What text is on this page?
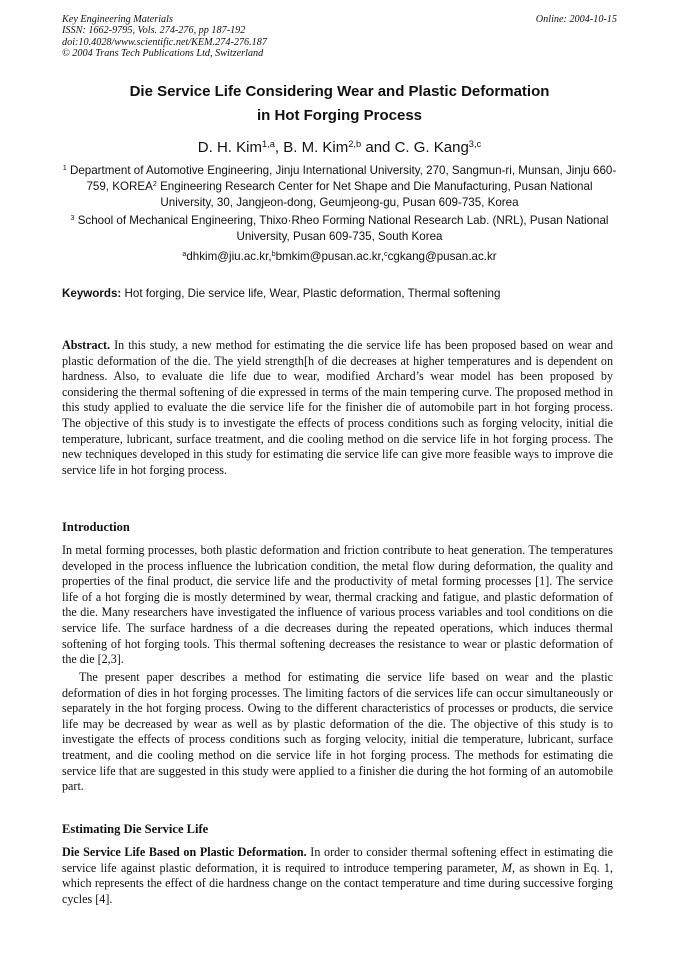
Key Engineering Materials
ISSN: 1662-9795, Vols. 274-276, pp 187-192
doi:10.4028/www.scientific.net/KEM.274-276.187
© 2004 Trans Tech Publications Ltd, Switzerland
Online: 2004-10-15
Die Service Life Considering Wear and Plastic Deformation
in Hot Forging Process
D. H. Kim$^{1,a}$, B. M. Kim$^{2,b}$ and C. G. Kang$^{3,c}$
$^1$ Department of Automotive Engineering, Jinju International University, 270, Sangmun-ri, Munsan, Jinju 660-759, KOREA$^2$ Engineering Research Center for Net Shape and Die Manufacturing, Pusan National University, 30, Jangjeon-dong, Geumjeong-gu, Pusan 609-735, Korea
$^3$ School of Mechanical Engineering, Thixo·Rheo Forming National Research Lab. (NRL), Pusan National University, Pusan 609-735, South Korea
$^a$dhkim@jiu.ac.kr,$^b$bmkim@pusan.ac.kr,$^c$cgkang@pusan.ac.kr
Keywords: Hot forging, Die service life, Wear, Plastic deformation, Thermal softening
Abstract. In this study, a new method for estimating the die service life has been proposed based on wear and plastic deformation of the die. The yield strength[h of die decreases at higher temperatures and is dependent on hardness. Also, to evaluate die life due to wear, modified Archard’s wear model has been proposed by considering the thermal softening of die expressed in terms of the main tempering curve. The proposed method in this study applied to evaluate the die service life for the finisher die of automobile part in hot forging process. The objective of this study is to investigate the effects of process conditions such as forging velocity, initial die temperature, lubricant, surface treatment, and die cooling method on die service life in hot forging process. The new techniques developed in this study for estimating die service life can give more feasible ways to improve die service life in hot forging process.
Introduction
In metal forming processes, both plastic deformation and friction contribute to heat generation. The temperatures developed in the process influence the lubrication condition, the metal flow during deformation, the quality and properties of the final product, die service life and the productivity of metal forming processes [1]. The service life of a hot forging die is mostly determined by wear, thermal cracking and fatigue, and plastic deformation of the die. Many researchers have investigated the influence of various process variables and tool conditions on die service life. The surface hardness of a die decreases during the repeated operations, which induces thermal softening of hot forging tools. This thermal softening decreases the resistance to wear or plastic deformation of the die [2,3].
The present paper describes a method for estimating die service life based on wear and the plastic deformation of dies in hot forging processes. The limiting factors of die services life can occur simultaneously or separately in the hot forging process. Owing to the different characteristics of processes or products, die service life may be decreased by wear as well as by plastic deformation of the die. The objective of this study is to investigate the effects of process conditions such as forging velocity, initial die temperature, lubricant, surface treatment, and die cooling method on die service life in hot forging process. The methods for estimating die service life that are suggested in this study were applied to a finisher die during the hot forming of an automobile part.
Estimating Die Service Life
Die Service Life Based on Plastic Deformation. In order to consider thermal softening effect in estimating die service life against plastic deformation, it is required to introduce tempering parameter, M, as shown in Eq. 1, which represents the effect of die hardness change on the contact temperature and time during successive forging cycles [4].
